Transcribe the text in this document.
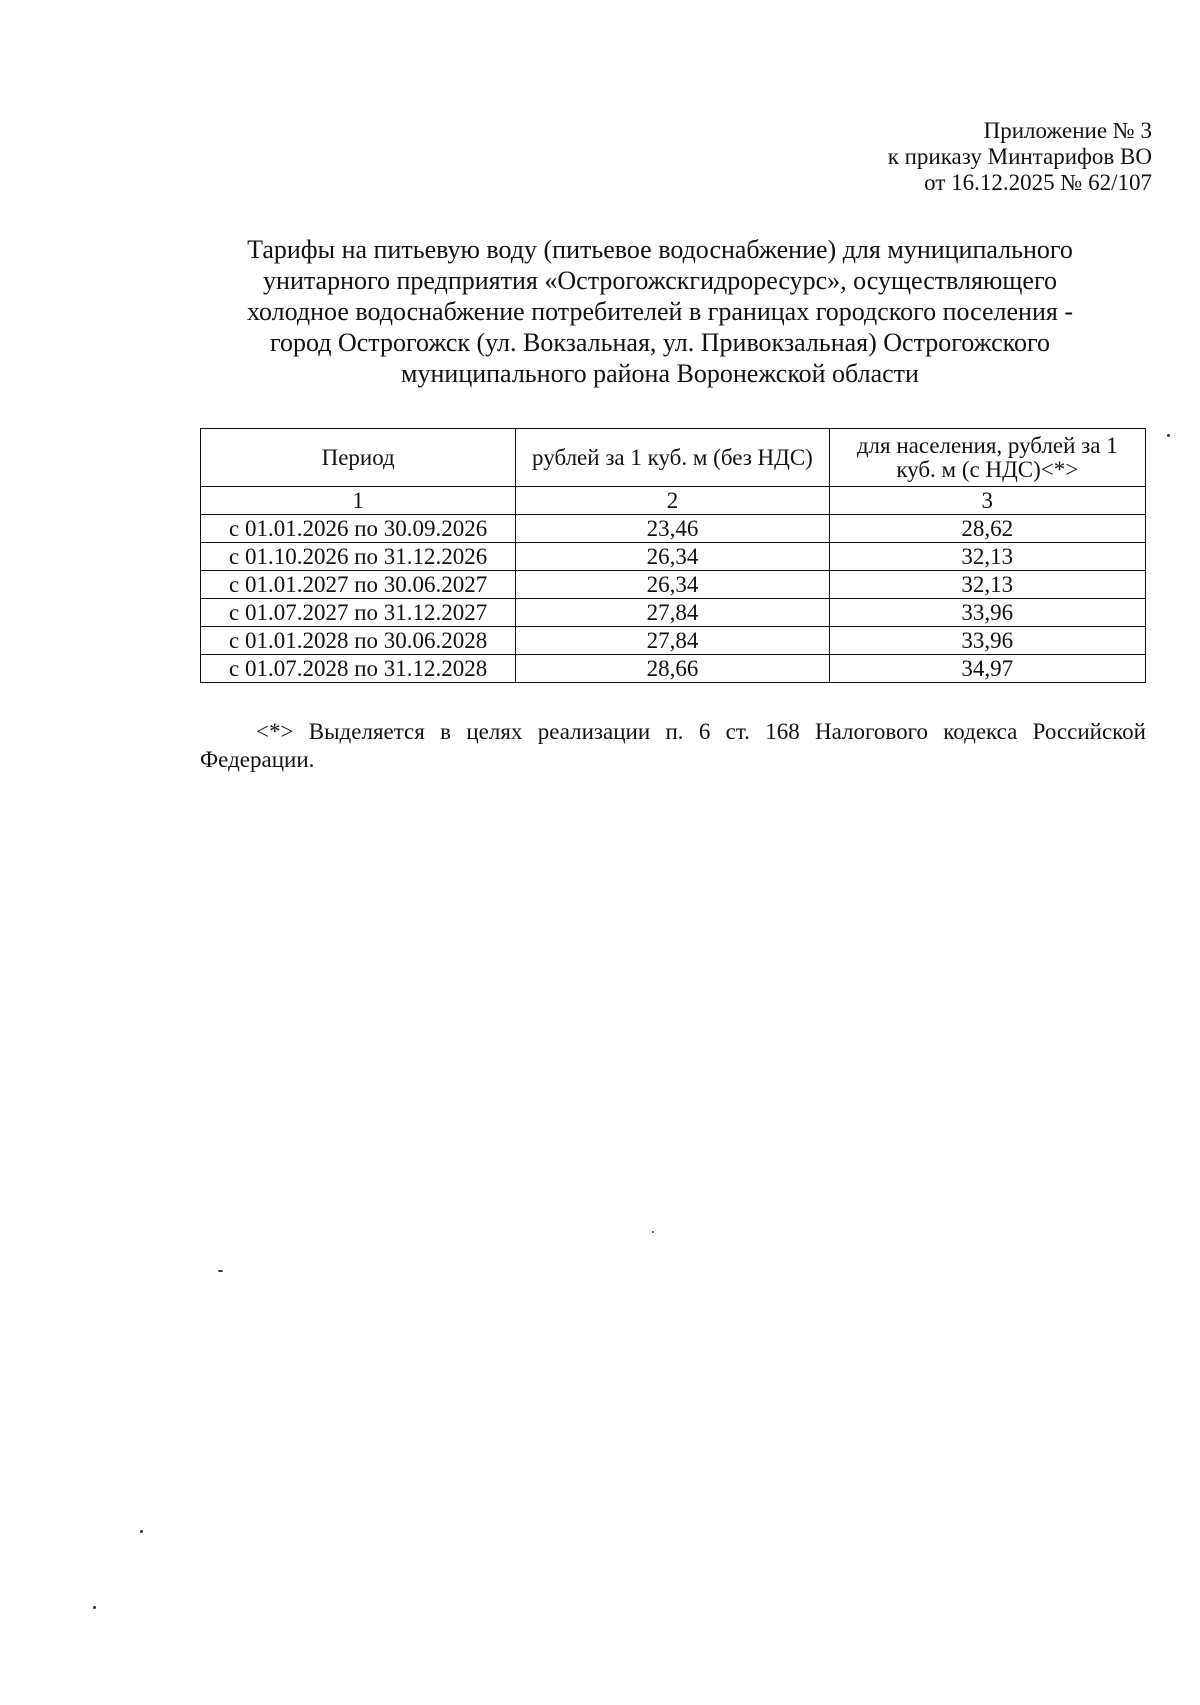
Приложение № 3
к приказу Минтарифов ВО
от 16.12.2025 № 62/107
Тарифы на питьевую воду (питьевое водоснабжение) для муниципального
унитарного предприятия «Острогожскгидроресурс», осуществляющего
холодное водоснабжение потребителей в границах городского поселения -
город Острогожск (ул. Вокзальная, ул. Привокзальная) Острогожского
муниципального района Воронежской области
Период	рублей за 1 куб. м (без НДС)	для населения, рублей за 1 куб. м (с НДС)<*>
1	2	3
с 01.01.2026 по 30.09.2026	23,46	28,62
с 01.10.2026 по 31.12.2026	26,34	32,13
с 01.01.2027 по 30.06.2027	26,34	32,13
с 01.07.2027 по 31.12.2027	27,84	33,96
с 01.01.2028 по 30.06.2028	27,84	33,96
с 01.07.2028 по 31.12.2028	28,66	34,97
<*> Выделяется в целях реализации п. 6 ст. 168 Налогового кодекса Российской Федерации.
